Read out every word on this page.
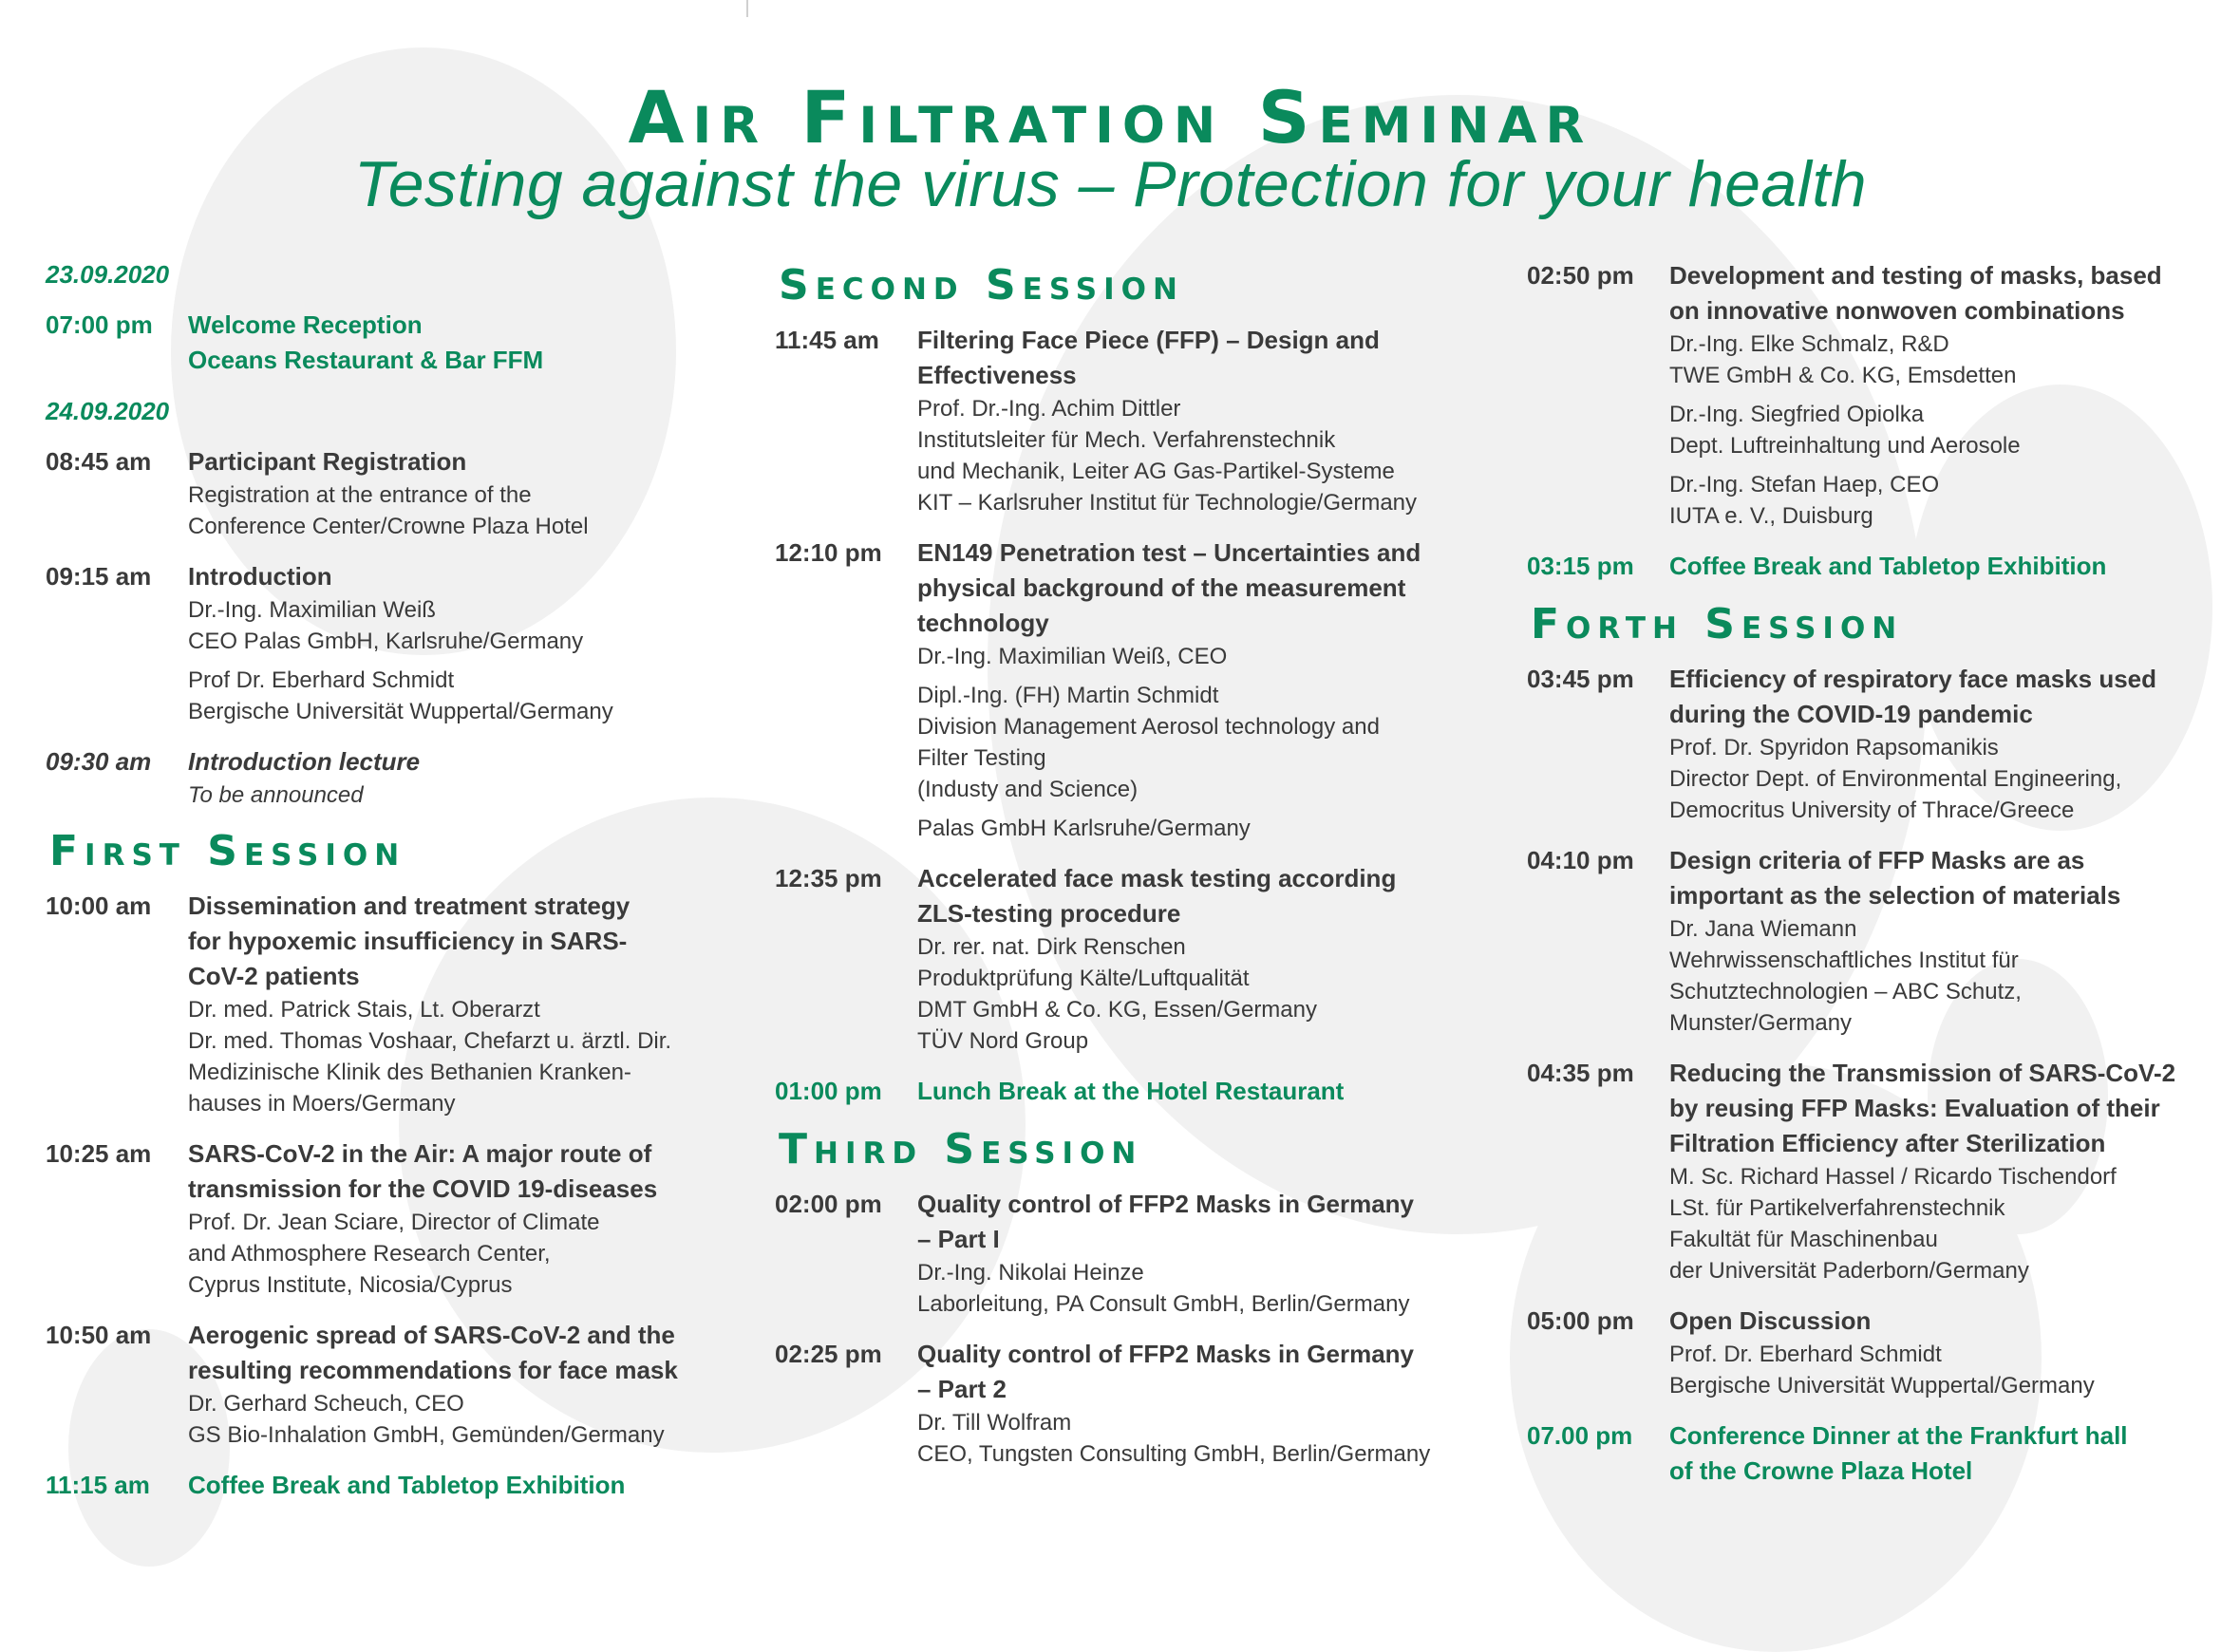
Air Filtration Seminar
Testing against the virus – Protection for your health
23.09.2020
07:00 pm	Welcome Reception
Oceans Restaurant & Bar FFM
24.09.2020
08:45 am	Participant Registration
Registration at the entrance of the
Conference Center/Crowne Plaza Hotel
09:15 am	Introduction
Dr.-Ing. Maximilian Weiß
CEO Palas GmbH, Karlsruhe/Germany
Prof Dr. Eberhard Schmidt
Bergische Universität Wuppertal/Germany
09:30 am	Introduction lecture
To be announced
First Session
10:00 am	Dissemination and treatment strategy
for hypoxemic insufficiency in SARS-
CoV-2 patients
Dr. med. Patrick Stais, Lt. Oberarzt
Dr. med. Thomas Voshaar, Chefarzt u. ärztl. Dir.
Medizinische Klinik des Bethanien Kranken-
hauses in Moers/Germany
10:25 am	SARS-CoV-2 in the Air: A major route of
transmission for the COVID 19-diseases
Prof. Dr. Jean Sciare, Director of Climate
and Athmosphere Research Center,
Cyprus Institute, Nicosia/Cyprus
10:50 am	Aerogenic spread of SARS-CoV-2 and the
resulting recommendations for face mask
Dr. Gerhard Scheuch, CEO
GS Bio-Inhalation GmbH, Gemünden/Germany
11:15 am	Coffee Break and Tabletop Exhibition
Second Session
11:45 am	Filtering Face Piece (FFP) – Design and
Effectiveness
Prof. Dr.-Ing. Achim Dittler
Institutsleiter für Mech. Verfahrenstechnik
und Mechanik, Leiter AG Gas-Partikel-Systeme
KIT – Karlsruher Institut für Technologie/Germany
12:10 pm	EN149 Penetration test – Uncertainties and
physical background of the measurement
technology
Dr.-Ing. Maximilian Weiß, CEO
Dipl.-Ing. (FH) Martin Schmidt
Division Management Aerosol technology and
Filter Testing
(Industy and Science)
Palas GmbH Karlsruhe/Germany
12:35 pm	Accelerated face mask testing according
ZLS-testing procedure
Dr. rer. nat. Dirk Renschen
Produktprüfung Kälte/Luftqualität
DMT GmbH & Co. KG, Essen/Germany
TÜV Nord Group
01:00 pm	Lunch Break at the Hotel Restaurant
Third Session
02:00 pm	Quality control of FFP2 Masks in Germany
– Part I
Dr.-Ing. Nikolai Heinze
Laborleitung, PA Consult GmbH, Berlin/Germany
02:25 pm	Quality control of FFP2 Masks in Germany
– Part 2
Dr. Till Wolfram
CEO, Tungsten Consulting GmbH, Berlin/Germany
02:50 pm	Development and testing of masks, based
on innovative nonwoven combinations
Dr.-Ing. Elke Schmalz, R&D
TWE GmbH & Co. KG, Emsdetten
Dr.-Ing. Siegfried Opiolka
Dept. Luftreinhaltung und Aerosole
Dr.-Ing. Stefan Haep, CEO
IUTA e. V., Duisburg
03:15 pm	Coffee Break and Tabletop Exhibition
Forth Session
03:45 pm	Efficiency of respiratory face masks used
during the COVID-19 pandemic
Prof. Dr. Spyridon Rapsomanikis
Director Dept. of Environmental Engineering,
Democritus University of Thrace/Greece
04:10 pm	Design criteria of FFP Masks are as
important as the selection of materials
Dr. Jana Wiemann
Wehrwissenschaftliches Institut für
Schutztechnologien – ABC Schutz,
Munster/Germany
04:35 pm	Reducing the Transmission of SARS-CoV-2
by reusing FFP Masks: Evaluation of their
Filtration Efficiency after Sterilization
M. Sc. Richard Hassel / Ricardo Tischendorf
LSt. für Partikelverfahrenstechnik
Fakultät für Maschinenbau
der Universität Paderborn/Germany
05:00 pm	Open Discussion
Prof. Dr. Eberhard Schmidt
Bergische Universität Wuppertal/Germany
07.00 pm	Conference Dinner at the Frankfurt hall
of the Crowne Plaza Hotel
